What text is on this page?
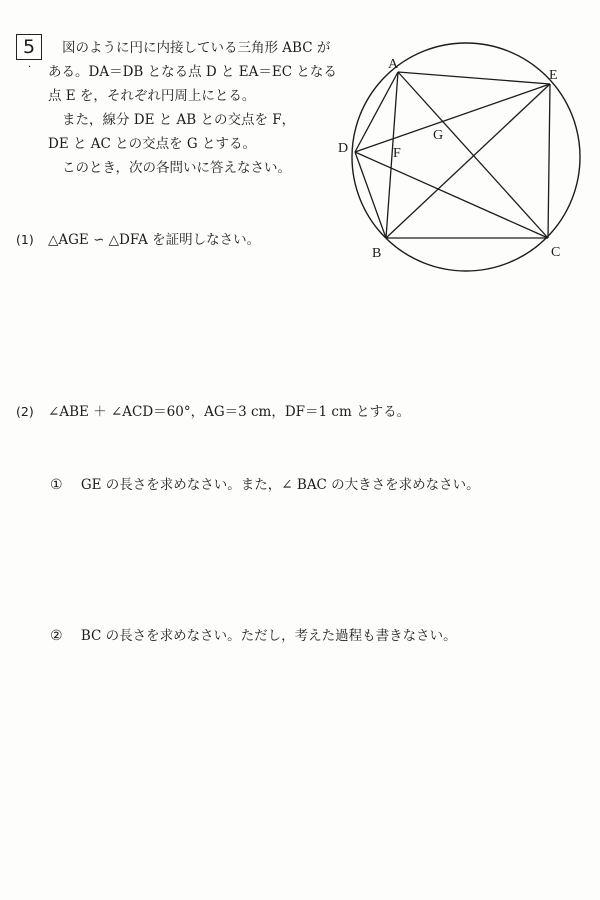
5
·
図のように円に内接している三角形 ABC が
ある。DA＝DB となる点 D と EA＝EC となる
点 E を，それぞれ円周上にとる。
また，線分 DE と AB との交点を F，
DE と AC との交点を G とする。
このとき，次の各問いに答えなさい。
A
E
D	F
G
B	C
(1) △AGE ∽ △DFA を証明しなさい。
(2) ∠ABE ＋ ∠ACD＝60°，AG＝3 cm，DF＝1 cm とする。
① GE の長さを求めなさい。また，∠ BAC の大きさを求めなさい。
② BC の長さを求めなさい。ただし，考えた過程も書きなさい。
